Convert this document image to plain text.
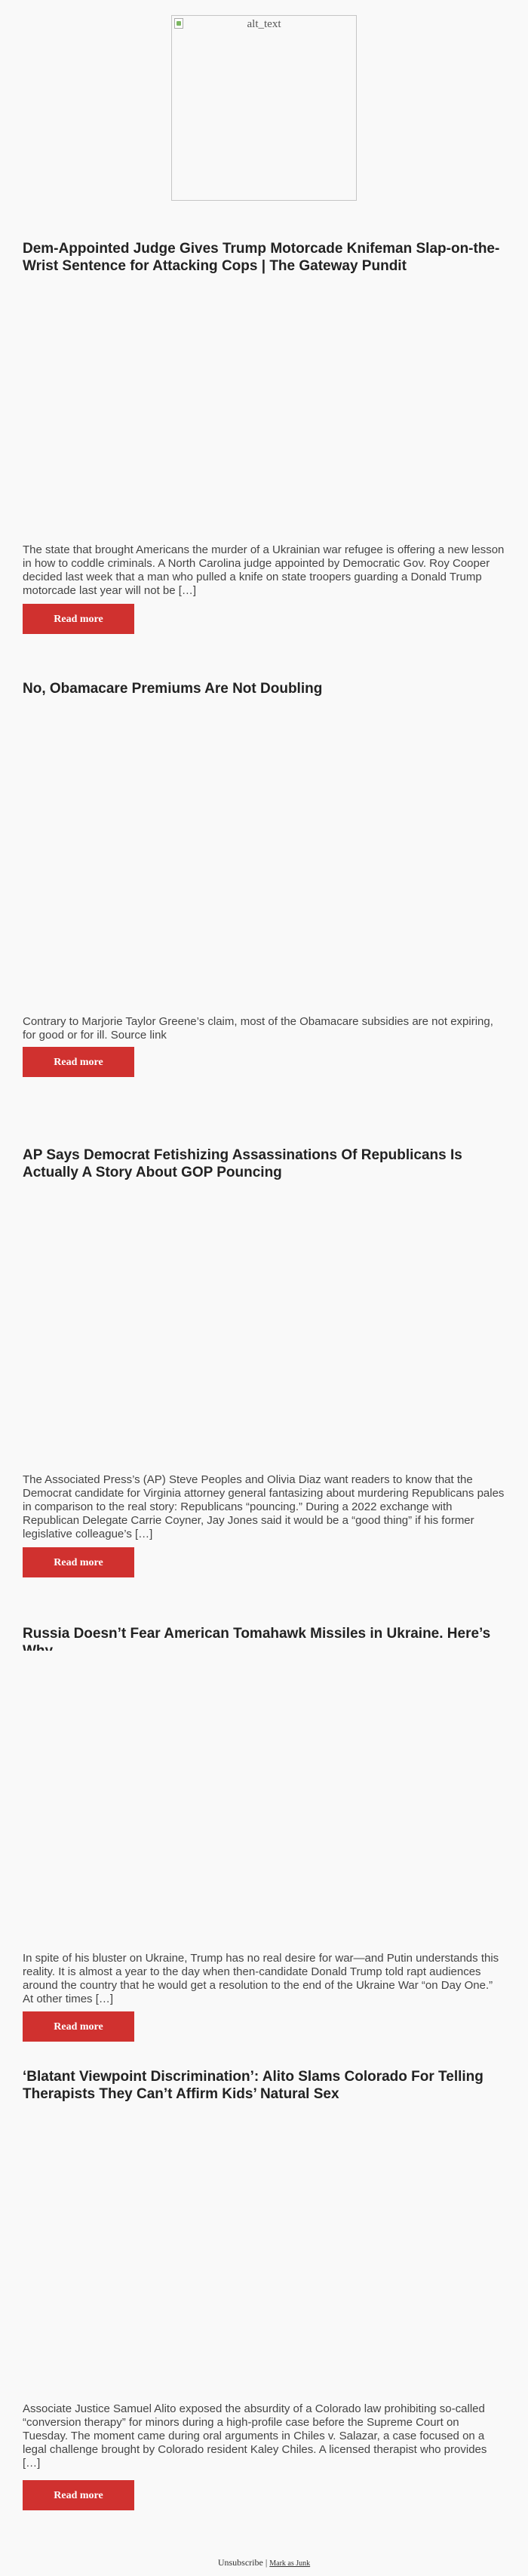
alt_text
Dem-Appointed Judge Gives Trump Motorcade Knifeman Slap-on-the-Wrist Sentence for Attacking Cops | The Gateway Pundit

The state that brought Americans the murder of a Ukrainian war refugee is offering a new lesson in how to coddle criminals. A North Carolina judge appointed by Democratic Gov. Roy Cooper decided last week that a man who pulled a knife on state troopers guarding a Donald Trump motorcade last year will not be […]

Read more
No, Obamacare Premiums Are Not Doubling

Contrary to Marjorie Taylor Greene’s claim, most of the Obamacare subsidies are not expiring, for good or for ill. Source link

Read more
AP Says Democrat Fetishizing Assassinations Of Republicans Is Actually A Story About GOP Pouncing

The Associated Press’s (AP) Steve Peoples and Olivia Diaz want readers to know that the Democrat candidate for Virginia attorney general fantasizing about murdering Republicans pales in comparison to the real story: Republicans “pouncing.” During a 2022 exchange with Republican Delegate Carrie Coyner, Jay Jones said it would be a “good thing” if his former legislative colleague’s […]

Read more
Russia Doesn’t Fear American Tomahawk Missiles in Ukraine. Here’s

In spite of his bluster on Ukraine, Trump has no real desire for war—and Putin understands this reality. It is almost a year to the day when then-candidate Donald Trump told rapt audiences around the country that he would get a resolution to the end of the Ukraine War “on Day One.” At other times […]

Read more
‘Blatant Viewpoint Discrimination’: Alito Slams Colorado For Telling Therapists They Can’t Affirm Kids’ Natural Sex

Associate Justice Samuel Alito exposed the absurdity of a Colorado law prohibiting so-called “conversion therapy” for minors during a high-profile case before the Supreme Court on Tuesday. The moment came during oral arguments in Chiles v. Salazar, a case focused on a legal challenge brought by Colorado resident Kaley Chiles. A licensed therapist who provides […]

Read more
Unsubscribe | Mark as Junk
